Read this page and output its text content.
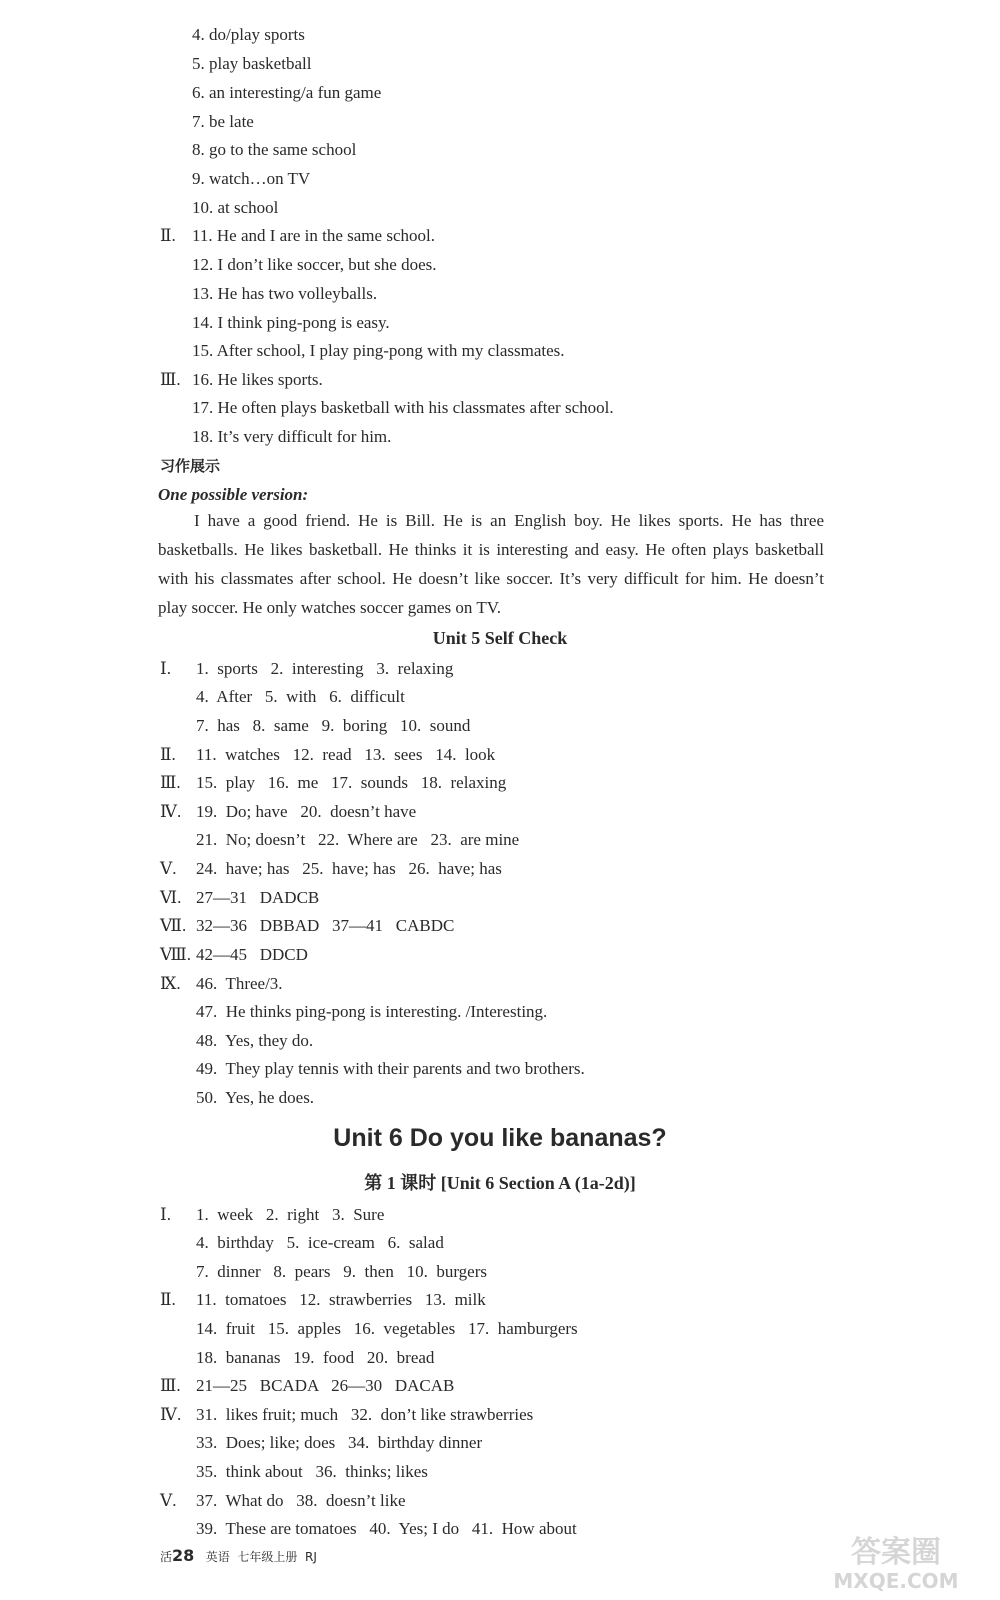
4. do/play sports
5. play basketball
6. an interesting/a fun game
7. be late
8. go to the same school
9. watch…on TV
10. at school
Ⅱ. 11. He and I are in the same school.
12. I don’t like soccer, but she does.
13. He has two volleyballs.
14. I think ping-pong is easy.
15. After school, I play ping-pong with my classmates.
Ⅲ. 16. He likes sports.
17. He often plays basketball with his classmates after school.
18. It’s very difficult for him.
习作展示
One possible version:
I have a good friend. He is Bill. He is an English boy. He likes sports. He has three basketballs. He likes basketball. He thinks it is interesting and easy. He often plays basketball with his classmates after school. He doesn’t like soccer. It’s very difficult for him. He doesn’t play soccer. He only watches soccer games on TV.
Unit 5 Self Check
Ⅰ. 1.  sports   2.  interesting   3.  relaxing
4.  After   5.  with   6.  difficult
7.  has   8.  same   9.  boring   10.  sound
Ⅱ. 11.  watches   12.  read   13.  sees   14.  look
Ⅲ. 15.  play   16.  me   17.  sounds   18.  relaxing
Ⅳ. 19.  Do; have   20.  doesn’t have
21.  No; doesn’t   22.  Where are   23.  are mine
Ⅴ. 24.  have; has   25.  have; has   26.  have; has
Ⅵ. 27—31   DADCB
Ⅶ. 32—36   DBBAD   37—41   CABDC
Ⅷ. 42—45   DDCD
Ⅸ. 46.  Three/3.
47.  He thinks ping-pong is interesting. /Interesting.
48.  Yes, they do.
49.  They play tennis with their parents and two brothers.
50.  Yes, he does.
Unit 6 Do you like bananas?
第 1 课时 [Unit 6 Section A (1a-2d)]
Ⅰ. 1.  week   2.  right   3.  Sure
4.  birthday   5.  ice-cream   6.  salad
7.  dinner   8.  pears   9.  then   10.  burgers
Ⅱ. 11.  tomatoes   12.  strawberries   13.  milk
14.  fruit   15.  apples   16.  vegetables   17.  hamburgers
18.  bananas   19.  food   20.  bread
Ⅲ. 21—25   BCADA   26—30   DACAB
Ⅳ. 31.  likes fruit; much   32.  don’t like strawberries
33.  Does; like; does   34.  birthday dinner
35.  think about   36.  thinks; likes
Ⅴ. 37.  What do   38.  doesn’t like
39.  These are tomatoes   40.  Yes; I do   41.  How about
活28 英语 七年级上册 RJ	答案圈
MXQE.COM
